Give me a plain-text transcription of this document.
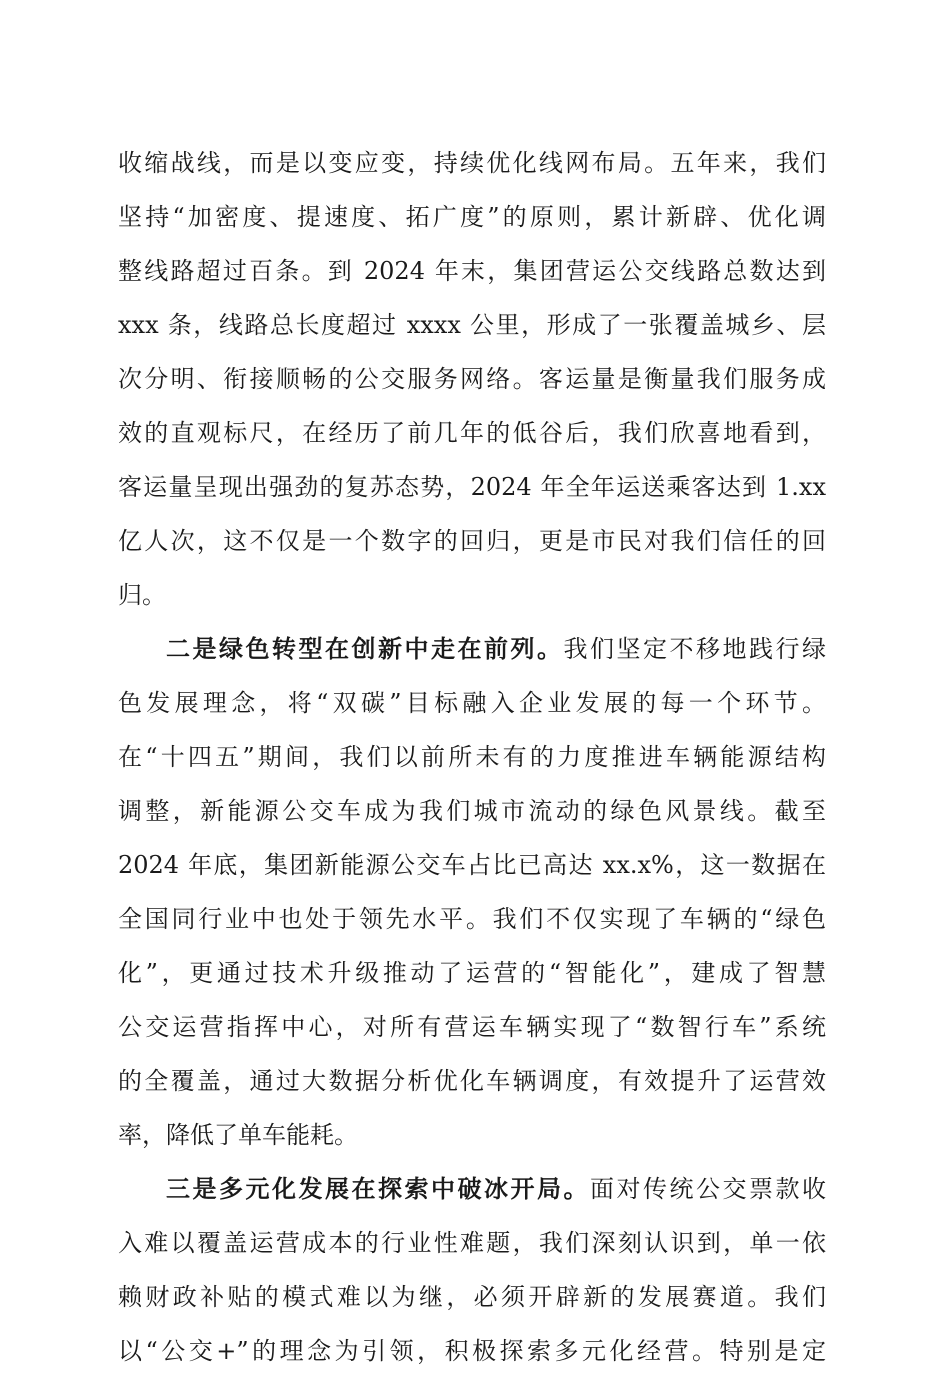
收缩战线，而是以变应变，持续优化线网布局。五年来，我们
坚持“加密度、提速度、拓广度”的原则，累计新辟、优化调
整线路超过百条。到 2024 年末，集团营运公交线路总数达到
xxx 条，线路总长度超过 xxxx 公里，形成了一张覆盖城乡、层
次分明、衔接顺畅的公交服务网络。客运量是衡量我们服务成
效的直观标尺，在经历了前几年的低谷后，我们欣喜地看到，
客运量呈现出强劲的复苏态势，2024 年全年运送乘客达到 1.xx
亿人次，这不仅是一个数字的回归，更是市民对我们信任的回
归。
二是绿色转型在创新中走在前列。我们坚定不移地践行绿
色发展理念，将“双碳”目标融入企业发展的每一个环节。
在“十四五”期间，我们以前所未有的力度推进车辆能源结构
调整，新能源公交车成为我们城市流动的绿色风景线。截至
2024 年底，集团新能源公交车占比已高达 xx.x%，这一数据在
全国同行业中也处于领先水平。我们不仅实现了车辆的“绿色
化”，更通过技术升级推动了运营的“智能化”，建成了智慧
公交运营指挥中心，对所有营运车辆实现了“数智行车”系统
的全覆盖，通过大数据分析优化车辆调度，有效提升了运营效
率，降低了单车能耗。
三是多元化发展在探索中破冰开局。面对传统公交票款收
入难以覆盖运营成本的行业性难题，我们深刻认识到，单一依
赖财政补贴的模式难以为继，必须开辟新的发展赛道。我们
以“公交+”的理念为引领，积极探索多元化经营。特别是定
